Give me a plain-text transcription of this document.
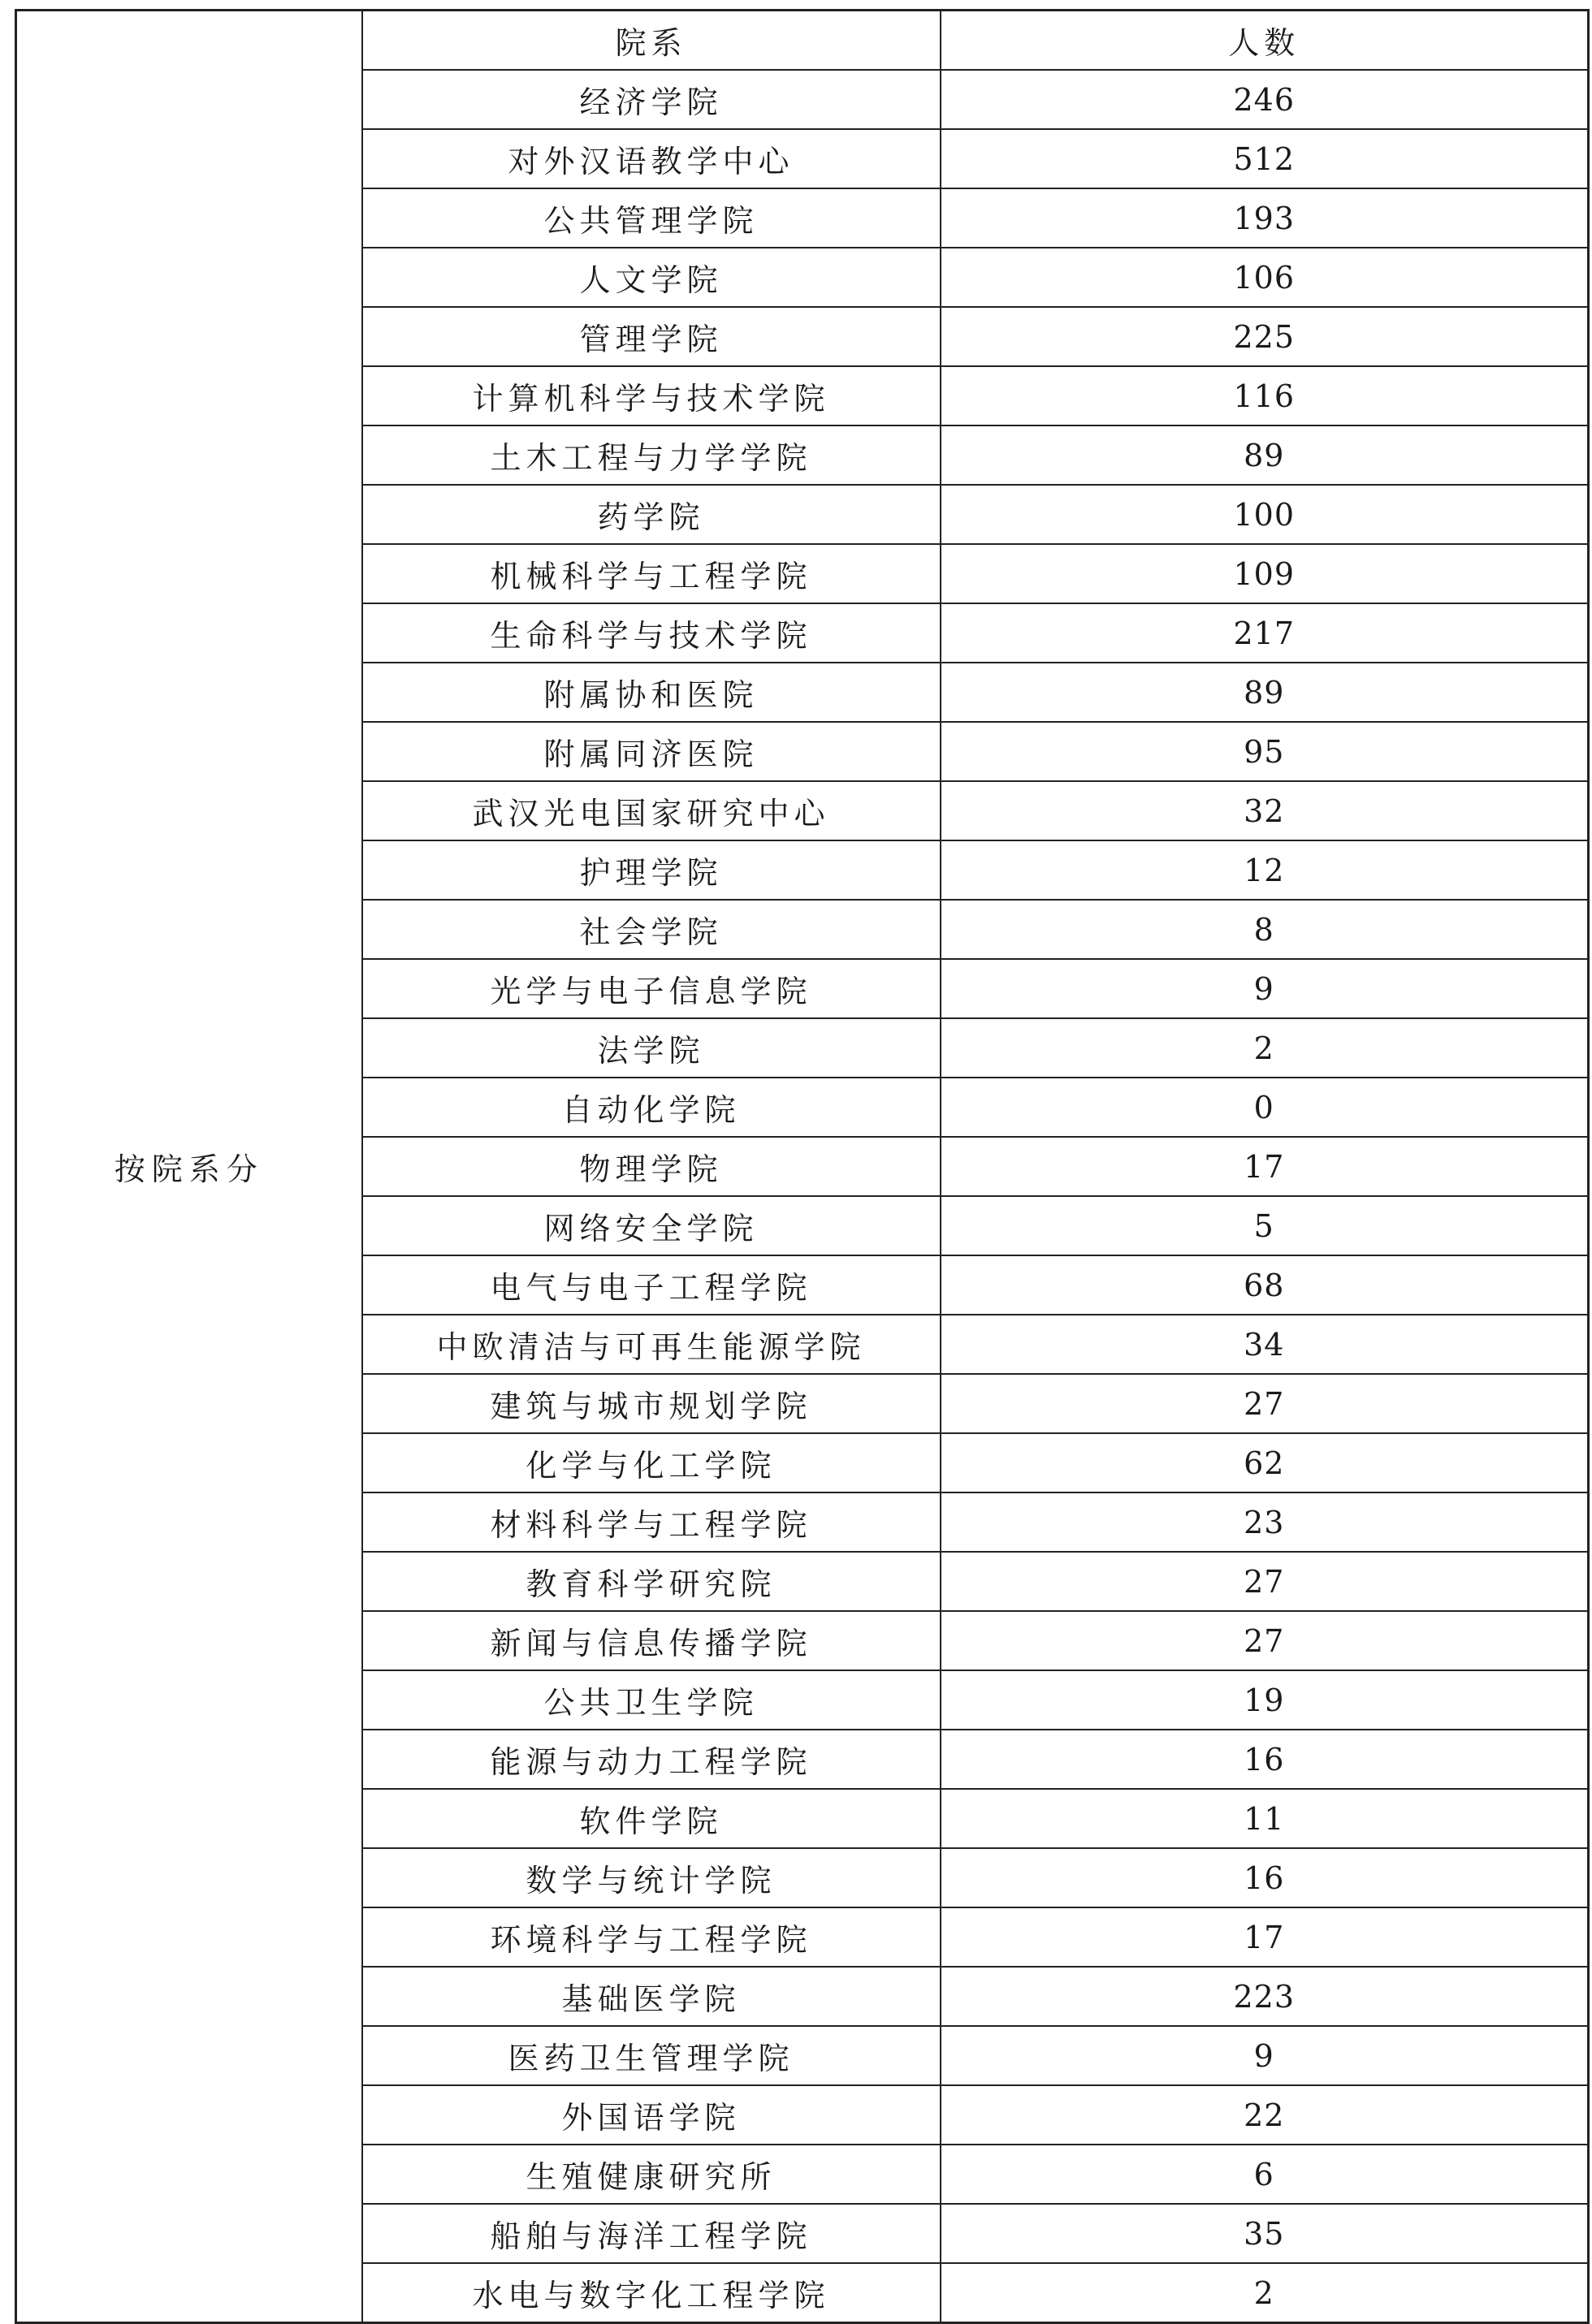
按院系分	院系	人数
	经济学院	246
	对外汉语教学中心	512
	公共管理学院	193
	人文学院	106
	管理学院	225
	计算机科学与技术学院	116
	土木工程与力学学院	89
	药学院	100
	机械科学与工程学院	109
	生命科学与技术学院	217
	附属协和医院	89
	附属同济医院	95
	武汉光电国家研究中心	32
	护理学院	12
	社会学院	8
	光学与电子信息学院	9
	法学院	2
	自动化学院	0
	物理学院	17
	网络安全学院	5
	电气与电子工程学院	68
	中欧清洁与可再生能源学院	34
	建筑与城市规划学院	27
	化学与化工学院	62
	材料科学与工程学院	23
	教育科学研究院	27
	新闻与信息传播学院	27
	公共卫生学院	19
	能源与动力工程学院	16
	软件学院	11
	数学与统计学院	16
	环境科学与工程学院	17
	基础医学院	223
	医药卫生管理学院	9
	外国语学院	22
	生殖健康研究所	6
	船舶与海洋工程学院	35
	水电与数字化工程学院	2
